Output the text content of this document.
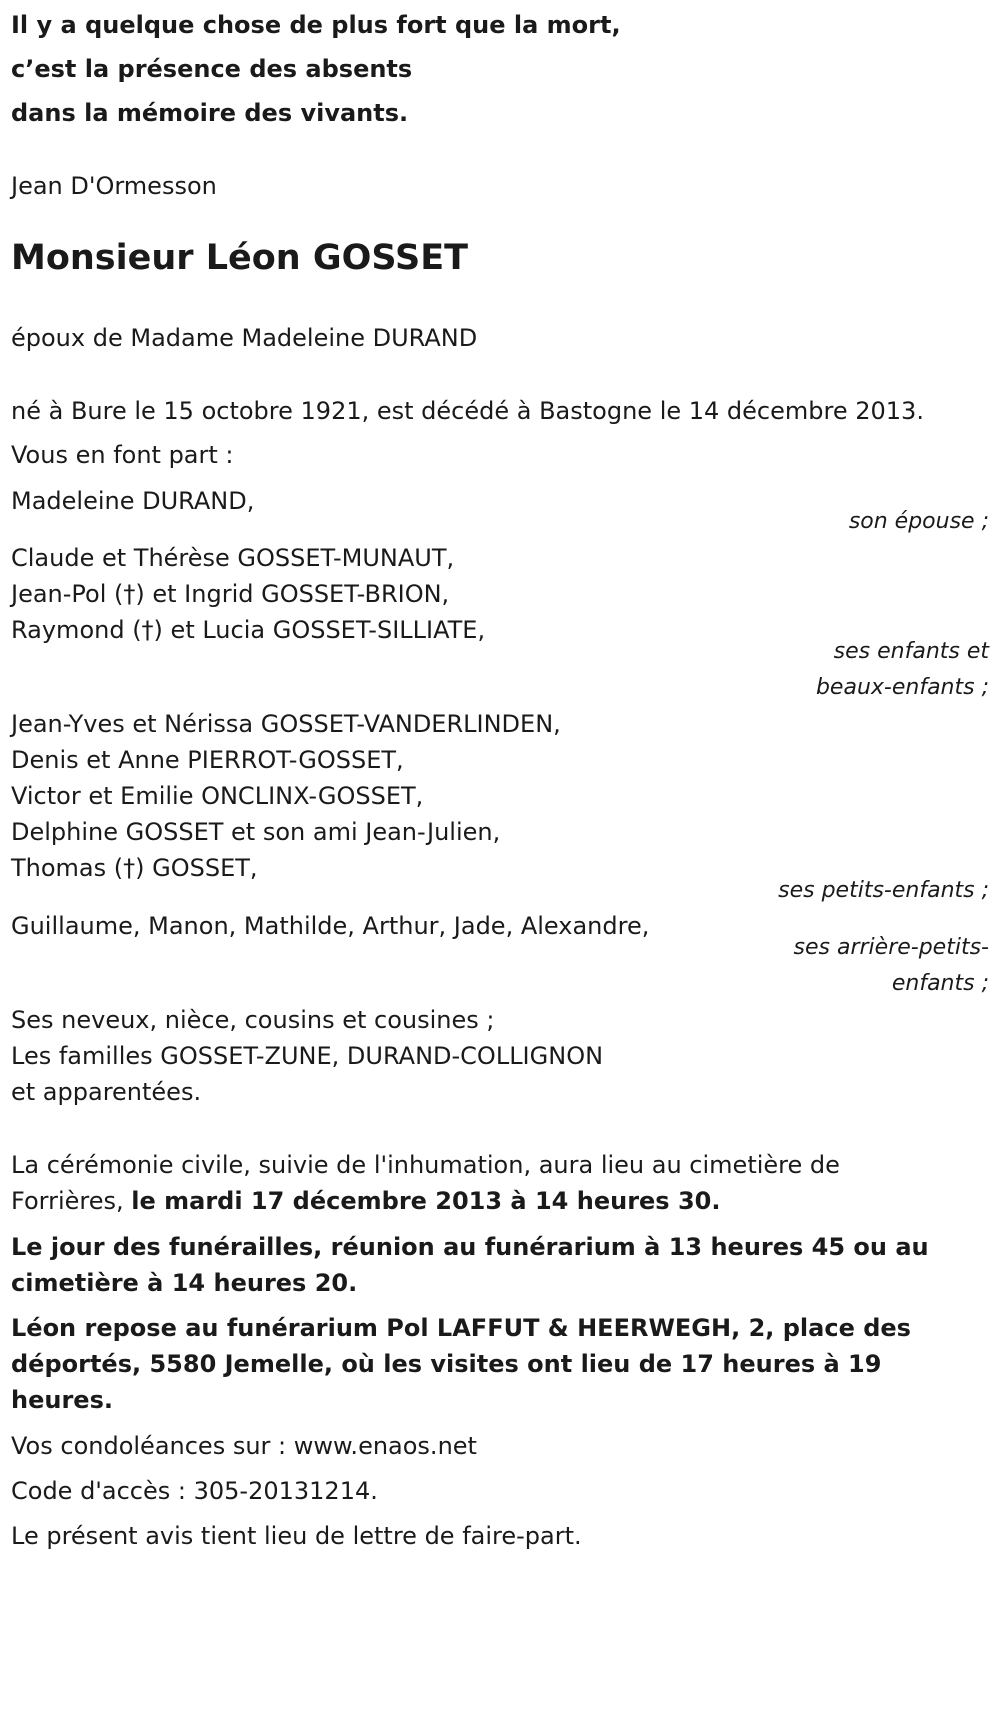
Il y a quelque chose de plus fort que la mort,
c’est la présence des absents
dans la mémoire des vivants.
Jean D'Ormesson
Monsieur Léon GOSSET
époux de Madame Madeleine DURAND
né à Bure le 15 octobre 1921, est décédé à Bastogne le 14 décembre 2013.
Vous en font part :
Madeleine DURAND,
son épouse ;
Claude et Thérèse GOSSET-MUNAUT,
Jean-Pol (†) et Ingrid GOSSET-BRION,
Raymond (†) et Lucia GOSSET-SILLIATE,
ses enfants et
beaux-enfants ;
Jean-Yves et Nérissa GOSSET-VANDERLINDEN,
Denis et Anne PIERROT-GOSSET,
Victor et Emilie ONCLINX-GOSSET,
Delphine GOSSET et son ami Jean-Julien,
Thomas (†) GOSSET,
ses petits-enfants ;
Guillaume, Manon, Mathilde, Arthur, Jade, Alexandre,
ses arrière-petits-
enfants ;
Ses neveux, nièce, cousins et cousines ;
Les familles GOSSET-ZUNE, DURAND-COLLIGNON
et apparentées.
La cérémonie civile, suivie de l'inhumation, aura lieu au cimetière de
Forrières, le mardi 17 décembre 2013 à 14 heures 30.
Le jour des funérailles, réunion au funérarium à 13 heures 45 ou au
cimetière à 14 heures 20.
Léon repose au funérarium Pol LAFFUT & HEERWEGH, 2, place des
déportés, 5580 Jemelle, où les visites ont lieu de 17 heures à 19
heures.
Vos condoléances sur : www.enaos.net
Code d'accès : 305-20131214.
Le présent avis tient lieu de lettre de faire-part.
